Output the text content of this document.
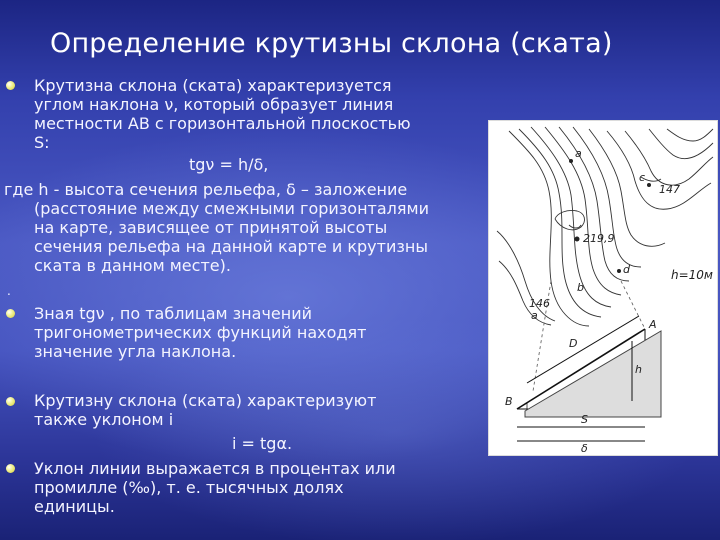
Определение крутизны склона (ската)
Крутизна склона (ската) характеризуется
углом наклона ν, который образует линия
местности АВ с горизонтальной плоскостью
S:
tgν = h/δ,
где h - высота сечения рельефа, δ – заложение
(расстояние между смежными горизонталями
на карте, зависящее от принятой высоты
сечения рельефа на данной карте и крутизны
ската в данном месте).
.
Зная tgν , по таблицам значений
тригонометрических функций находят
значение угла наклона.
Крутизну склона (ската) характеризуют
также уклоном i
i = tgα.
Уклон линии выражается в процентах или
промилле (‰), т. е. тысячных долях
единицы.
a
c
147
219,9
d	h=10м
b
146
a
A
D
h
B
S
δ
